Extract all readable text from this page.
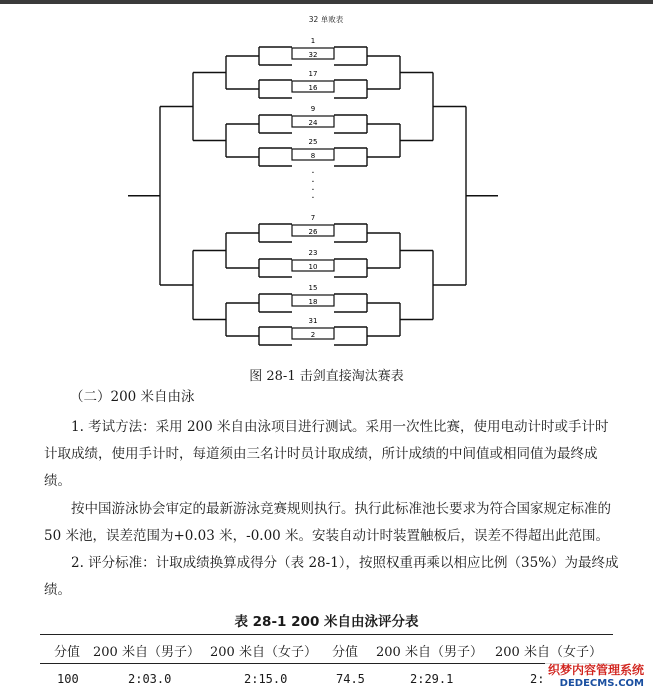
32 单败表
1
32
17
16
9
24
25
8
7
26
23
10
15
18
31
2
·
·
·
·
图 28-1 击剑直接淘汰赛表
（二）200 米自由泳
1. 考试方法：采用 200 米自由泳项目进行测试。采用一次性比赛，使用电动计时或手计时计取成绩，使用手计时，每道须由三名计时员计取成绩，所计成绩的中间值或相同值为最终成绩。
按中国游泳协会审定的最新游泳竞赛规则执行。执行此标准池长要求为符合国家规定标准的 50 米池，误差范围为+0.03 米，-0.00 米。安装自动计时装置触板后，误差不得超出此范围。
2. 评分标准：计取成绩换算成得分（表 28-1），按照权重再乘以相应比例（35%）为最终成绩。
表 28-1 200 米自由泳评分表
分值 200 米自（男子） 200 米自（女子） 分值 200 米自（男子） 200 米自（女子）
100	2:03.0	2:15.0	74.5	2:29.1	2:
织梦内容管理系统
DEDECMS.COM
